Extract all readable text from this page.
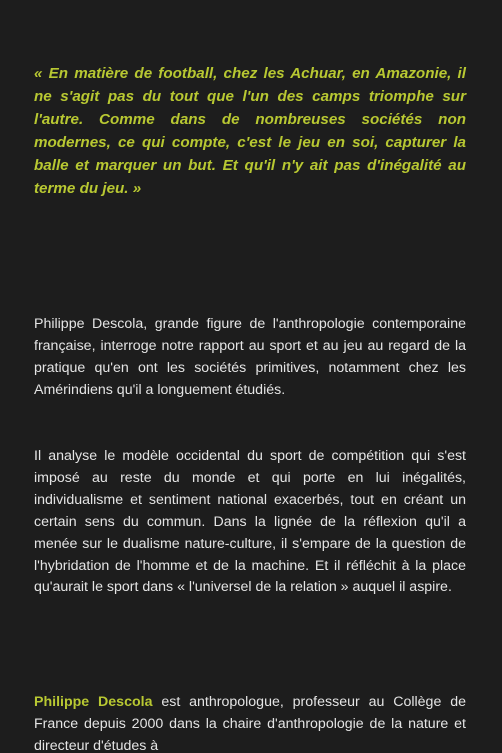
« En matière de football, chez les Achuar, en Amazonie, il ne s'agit pas du tout que l'un des camps triomphe sur l'autre. Comme dans de nombreuses sociétés non modernes, ce qui compte, c'est le jeu en soi, capturer la balle et marquer un but. Et qu'il n'y ait pas d'inégalité au terme du jeu. »

Philippe Descola, grande figure de l'anthropologie contemporaine française, interroge notre rapport au sport et au jeu au regard de la pratique qu'en ont les sociétés primitives, notamment chez les Amérindiens qu'il a longuement étudiés.

Il analyse le modèle occidental du sport de compétition qui s'est imposé au reste du monde et qui porte en lui inégalités, individualisme et sentiment national exacerbés, tout en créant un certain sens du commun. Dans la lignée de la réflexion qu'il a menée sur le dualisme nature-culture, il s'empare de la question de l'hybridation de l'homme et de la machine. Et il réfléchit à la place qu'aurait le sport dans « l'universel de la relation » auquel il aspire.

Philippe Descola est anthropologue, professeur au Collège de France depuis 2000 dans la chaire d'anthropologie de la nature et directeur d'études à
